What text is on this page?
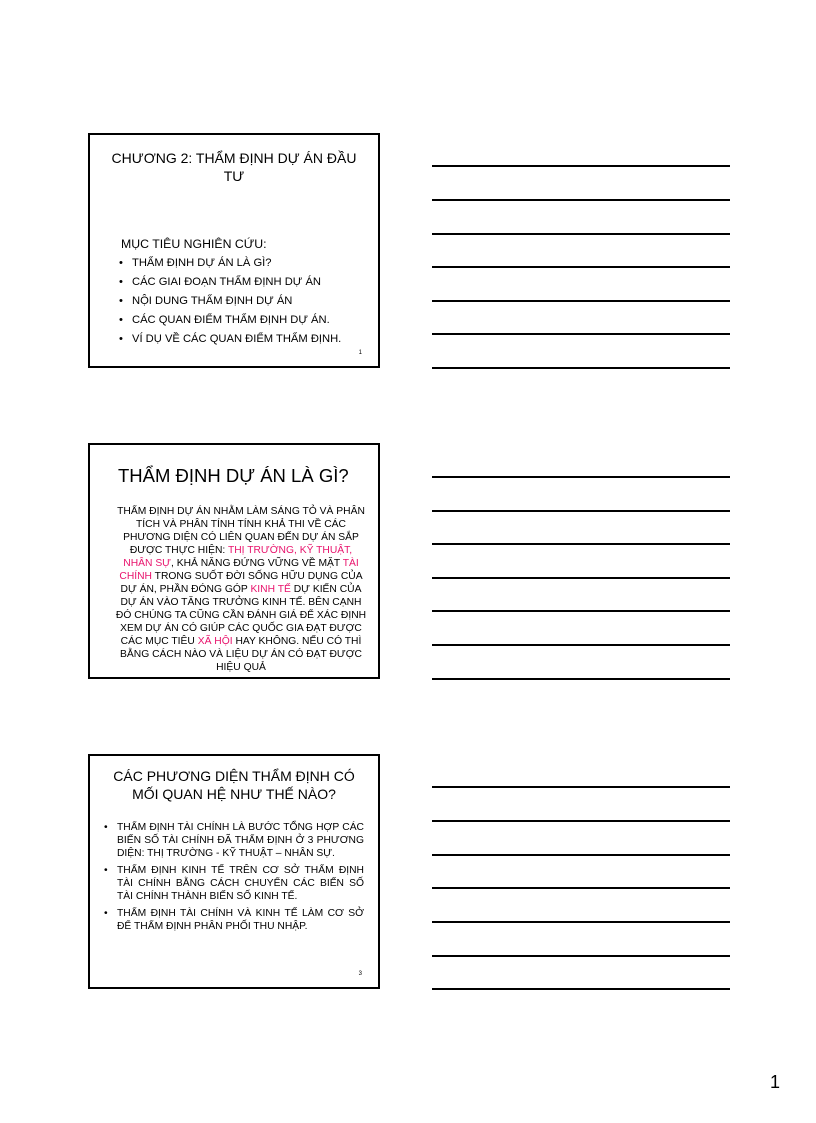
CHƯƠNG 2: THẨM ĐỊNH DỰ ÁN ĐẦU TƯ
MỤC TIÊU NGHIÊN CỨU:
• THẨM ĐỊNH DỰ ÁN LÀ GÌ?
• CÁC GIAI ĐOẠN THẨM ĐỊNH DỰ ÁN
• NỘI DUNG THẨM ĐỊNH DỰ ÁN
• CÁC QUAN ĐIỂM THẨM ĐỊNH DỰ ÁN.
• VÍ DỤ VỀ CÁC QUAN ĐIỂM THẨM ĐỊNH.
1
THẨM ĐỊNH DỰ ÁN LÀ GÌ?

THẨM ĐỊNH DỰ ÁN NHẰM LÀM SÁNG TỎ VÀ PHÂN TÍCH VÀ PHÂN TÍNH TÍNH KHẢ THI VỀ CÁC PHƯƠNG DIỆN CÓ LIÊN QUAN ĐẾN DỰ ÁN SẮP ĐƯỢC THỰC HIỆN: THỊ TRƯỜNG, KỸ THUẬT, NHÂN SỰ, KHẢ NĂNG ĐỨNG VỮNG VỀ MẶT TÀI CHÍNH TRONG SUỐT ĐỜI SỐNG HỮU DỤNG CỦA DỰ ÁN, PHẦN ĐÓNG GÓP KINH TẾ DỰ KIẾN CỦA DỰ ÁN VÀO TĂNG TRƯỞNG KINH TẾ. BÊN CẠNH ĐÓ CHÚNG TA CŨNG CẦN ĐÁNH GIÁ ĐỂ XÁC ĐỊNH XEM DỰ ÁN CÓ GIÚP CÁC QUỐC GIA ĐẠT ĐƯỢC CÁC MỤC TIÊU XÃ HỘI HAY KHÔNG. NẾU CÓ THÌ BẰNG CÁCH NÀO VÀ LIỆU DỰ ÁN CÓ ĐẠT ĐƯỢC HIỆU QUẢ

CÁC PHƯƠNG DIỆN THẨM ĐỊNH CÓ MỐI QUAN HỆ NHƯ THẾ NÀO?
• THẨM ĐỊNH TÀI CHÍNH LÀ BƯỚC TỔNG HỢP CÁC BIẾN SỐ TÀI CHÍNH ĐÃ THẨM ĐỊNH Ở 3 PHƯƠNG DIỆN: THỊ TRƯỜNG - KỸ THUẬT – NHÂN SỰ.
• THẨM ĐỊNH KINH TẾ TRÊN CƠ SỞ THẨM ĐỊNH TÀI CHÍNH BẰNG CÁCH CHUYỂN CÁC BIẾN SỐ TÀI CHÍNH THÀNH BIẾN SỐ KINH TẾ.
• THẨM ĐỊNH TÀI CHÍNH VÀ KINH TẾ LÀM CƠ SỞ ĐỂ THẨM ĐỊNH PHÂN PHỐI THU NHẬP.
3
1
